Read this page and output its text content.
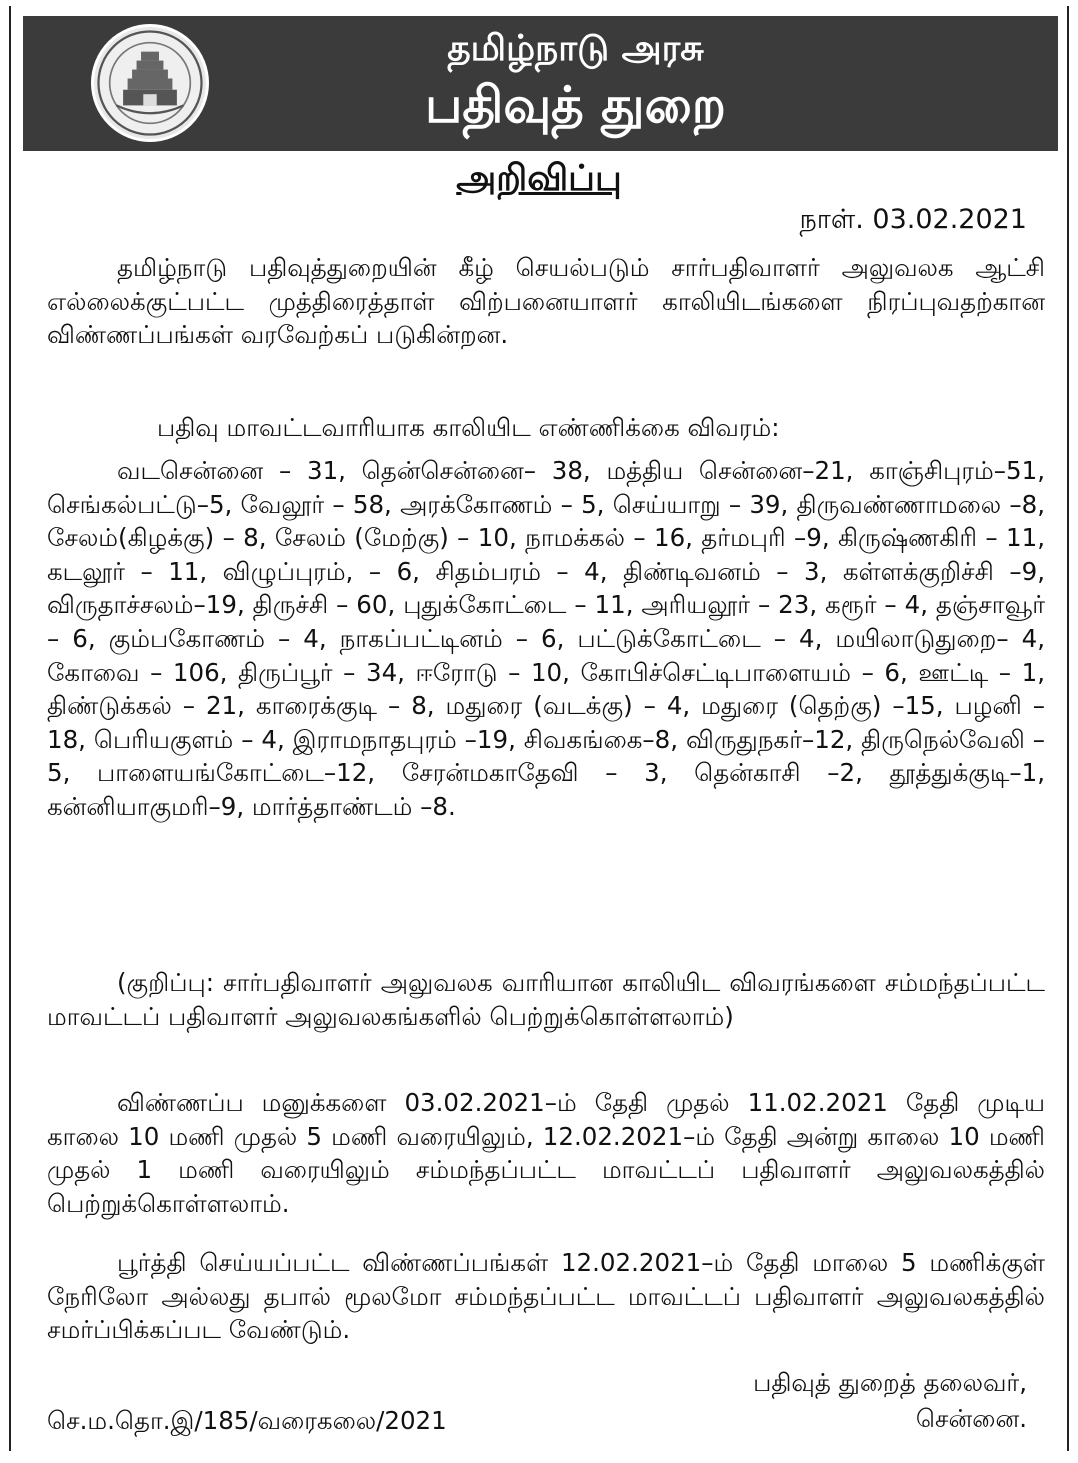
தமிழ்நாடு அரசு
பதிவுத் துறை
அறிவிப்பு
நாள். 03.02.2021
தமிழ்நாடு பதிவுத்துறையின் கீழ் செயல்படும் சார்பதிவாளர் அலுவலக ஆட்சி எல்லைக்குட்பட்ட முத்திரைத்தாள் விற்பனையாளர் காலியிடங்களை நிரப்புவதற்கான விண்ணப்பங்கள் வரவேற்கப் படுகின்றன.
பதிவு மாவட்டவாரியாக காலியிட எண்ணிக்கை விவரம்:
வடசென்னை – 31, தென்சென்னை– 38, மத்திய சென்னை–21, காஞ்சிபுரம்–51, செங்கல்பட்டு–5, வேலூர் – 58, அரக்கோணம் – 5, செய்யாறு – 39, திருவண்ணாமலை –8, சேலம்(கிழக்கு) – 8, சேலம் (மேற்கு) – 10, நாமக்கல் – 16, தர்மபுரி –9, கிருஷ்ணகிரி – 11, கடலூர் – 11, விழுப்புரம், – 6, சிதம்பரம் – 4, திண்டிவனம் – 3, கள்ளக்குறிச்சி –9, விருதாச்சலம்–19, திருச்சி – 60, புதுக்கோட்டை – 11, அரியலூர் – 23, கரூர் – 4, தஞ்சாவூர் – 6, கும்பகோணம் – 4, நாகப்பட்டினம் – 6, பட்டுக்கோட்டை – 4, மயிலாடுதுறை– 4, கோவை – 106, திருப்பூர் – 34, ஈரோடு – 10, கோபிச்செட்டிபாளையம் – 6, ஊட்டி – 1, திண்டுக்கல் – 21, காரைக்குடி – 8, மதுரை (வடக்கு) – 4, மதுரை (தெற்கு) –15, பழனி – 18, பெரியகுளம் – 4, இராமநாதபுரம் –19, சிவகங்கை–8, விருதுநகர்–12, திருநெல்வேலி – 5, பாளையங்கோட்டை–12, சேரன்மகாதேவி – 3, தென்காசி –2, தூத்துக்குடி–1, கன்னியாகுமரி–9, மார்த்தாண்டம் –8.
(குறிப்பு: சார்பதிவாளர் அலுவலக வாரியான காலியிட விவரங்களை சம்மந்தப்பட்ட மாவட்டப் பதிவாளர் அலுவலகங்களில் பெற்றுக்கொள்ளலாம்)
விண்ணப்ப மனுக்களை 03.02.2021–ம் தேதி முதல் 11.02.2021 தேதி முடிய காலை 10 மணி முதல் 5 மணி வரையிலும், 12.02.2021–ம் தேதி அன்று காலை 10 மணி முதல் 1 மணி வரையிலும் சம்மந்தப்பட்ட மாவட்டப் பதிவாளர் அலுவலகத்தில் பெற்றுக்கொள்ளலாம்.
பூர்த்தி செய்யப்பட்ட விண்ணப்பங்கள் 12.02.2021–ம் தேதி மாலை 5 மணிக்குள் நேரிலோ அல்லது தபால் மூலமோ சம்மந்தப்பட்ட மாவட்டப் பதிவாளர் அலுவலகத்தில் சமர்ப்பிக்கப்பட வேண்டும்.
பதிவுத் துறைத் தலைவர்,
சென்னை.
செ.ம.தொ.இ/185/வரைகலை/2021
